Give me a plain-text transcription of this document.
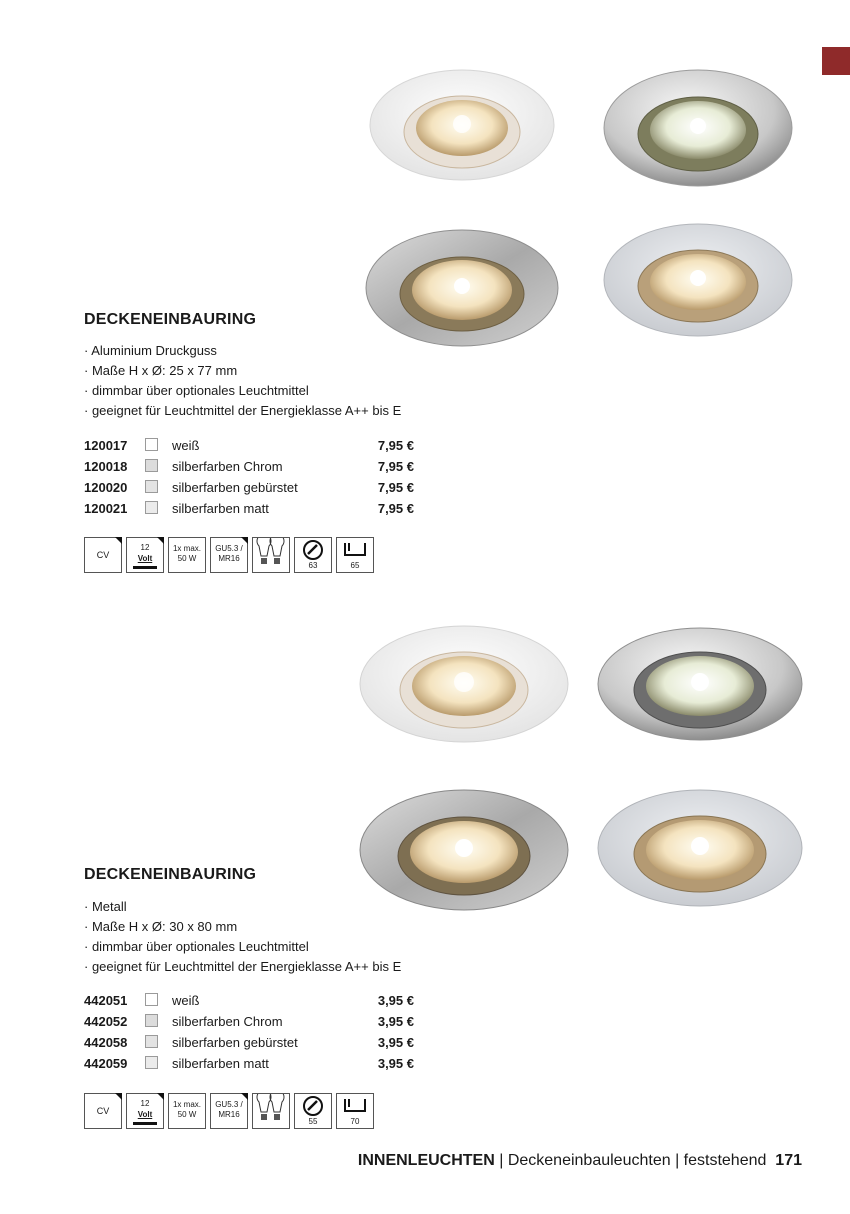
DECKENEINBAURING
· Aluminium Druckguss
· Maße H x Ø: 25 x 77 mm
· dimmbar über optionales Leuchtmittel
· geeignet für Leuchtmittel der Energieklasse A++ bis E
120017	weiß	7,95 €
120018	silberfarben Chrom	7,95 €
120020	silberfarben gebürstet	7,95 €
120021	silberfarben matt	7,95 €
CV
12
Volt
1x max.
50 W
GU5.3 /
MR16
63	65
DECKENEINBAURING
· Metall
· Maße H x Ø: 30 x 80 mm
· dimmbar über optionales Leuchtmittel
· geeignet für Leuchtmittel der Energieklasse A++ bis E
442051	weiß	3,95 €
442052	silberfarben Chrom	3,95 €
442058	silberfarben gebürstet	3,95 €
442059	silberfarben matt	3,95 €
CV
12
Volt
1x max.
50 W
GU5.3 /
MR16
55	70
INNENLEUCHTEN | Deckeneinbauleuchten | feststehend 171
